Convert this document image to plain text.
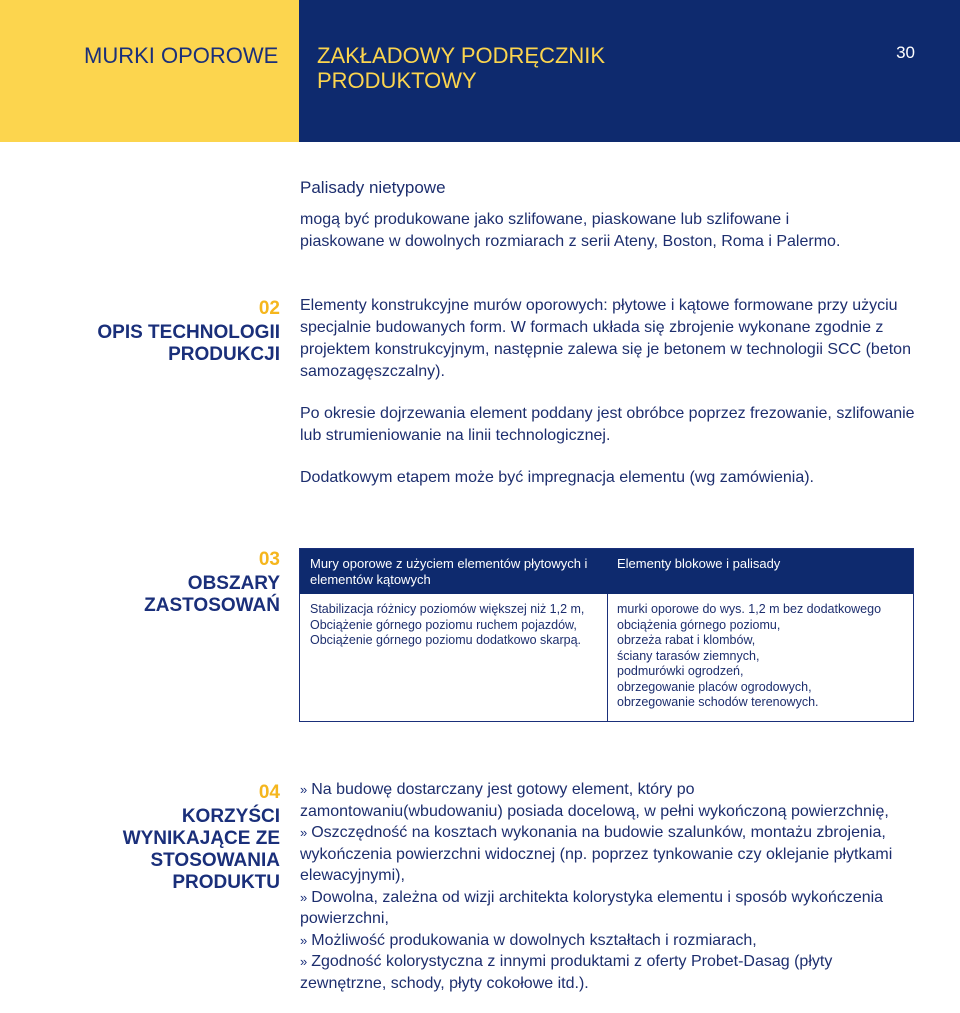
MURKI OPOROWE ZAKŁADOWY PODRĘCZNIK PRODUKTOWY
30
Palisady nietypowe
mogą być produkowane jako szlifowane, piaskowane lub szlifowane i piaskowane w dowolnych rozmiarach z serii Ateny, Boston, Roma i Palermo.
02
OPIS TECHNOLOGII
PRODUKCJI

Elementy konstrukcyjne murów oporowych: płytowe i kątowe formowane przy użyciu specjalnie budowanych form. W formach układa się zbrojenie wykonane zgodnie z projektem konstrukcyjnym, następnie zalewa się je betonem w technologii SCC (beton samozagęszczalny).

Po okresie dojrzewania element poddany jest obróbce poprzez frezowanie, szlifowanie lub strumieniowanie na linii technologicznej.

Dodatkowym etapem może być impregnacja elementu (wg zamówienia).

03
OBSZARY
ZASTOSOWAŃ
Mury oporowe z użyciem elementów płytowych i elementów kątowych
Stabilizacja różnicy poziomów większej niż 1,2 m,
Obciążenie górnego poziomu ruchem pojazdów,
Obciążenie górnego poziomu dodatkowo skarpą.
Elementy blokowe i palisady
murki oporowe do wys. 1,2 m bez dodatkowego obciążenia górnego poziomu,
obrzeża rabat i klombów,
ściany tarasów ziemnych,
podmurówki ogrodzeń,
obrzegowanie placów ogrodowych,
obrzegowanie schodów terenowych.
04
KORZYŚCI
WYNIKAJĄCE ZE
STOSOWANIA
PRODUKTU
» Na budowę dostarczany jest gotowy element, który po zamontowaniu(wbudowaniu) posiada docelową, w pełni wykończoną powierzchnię,
» Oszczędność na kosztach wykonania na budowie szalunków, montażu zbrojenia, wykończenia powierzchni widocznej (np. poprzez tynkowanie czy oklejanie płytkami elewacyjnymi),
» Dowolna, zależna od wizji architekta kolorystyka elementu i sposób wykończenia powierzchni,
» Możliwość produkowania w dowolnych kształtach i rozmiarach,
» Zgodność kolorystyczna z innymi produktami z oferty Probet-Dasag (płyty zewnętrzne, schody, płyty cokołowe itd.).
